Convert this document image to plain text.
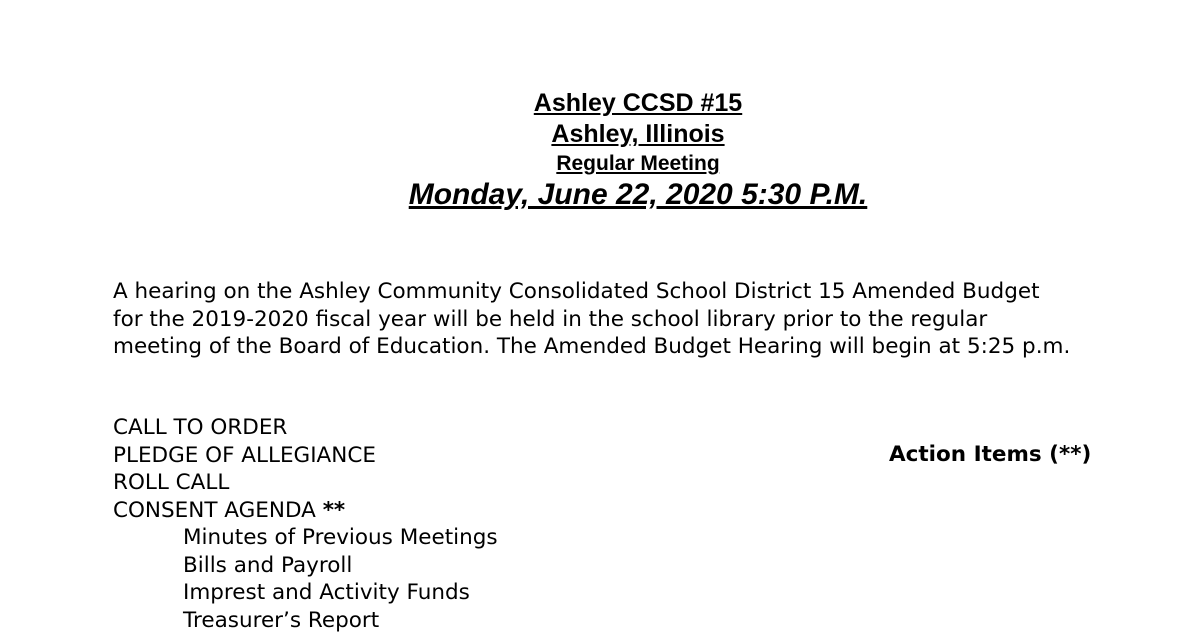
Ashley CCSD #15
Ashley, Illinois
Regular Meeting
Monday, June 22, 2020 5:30 P.M.
A hearing on the Ashley Community Consolidated School District 15 Amended Budget
for the 2019-2020 fiscal year will be held in the school library prior to the regular
meeting of the Board of Education. The Amended Budget Hearing will begin at 5:25 p.m.
CALL TO ORDER
PLEDGE OF ALLEGIANCE
ROLL CALL
CONSENT AGENDA **
Minutes of Previous Meetings
Bills and Payroll
Imprest and Activity Funds
Treasurer’s Report
Action Items (**)
